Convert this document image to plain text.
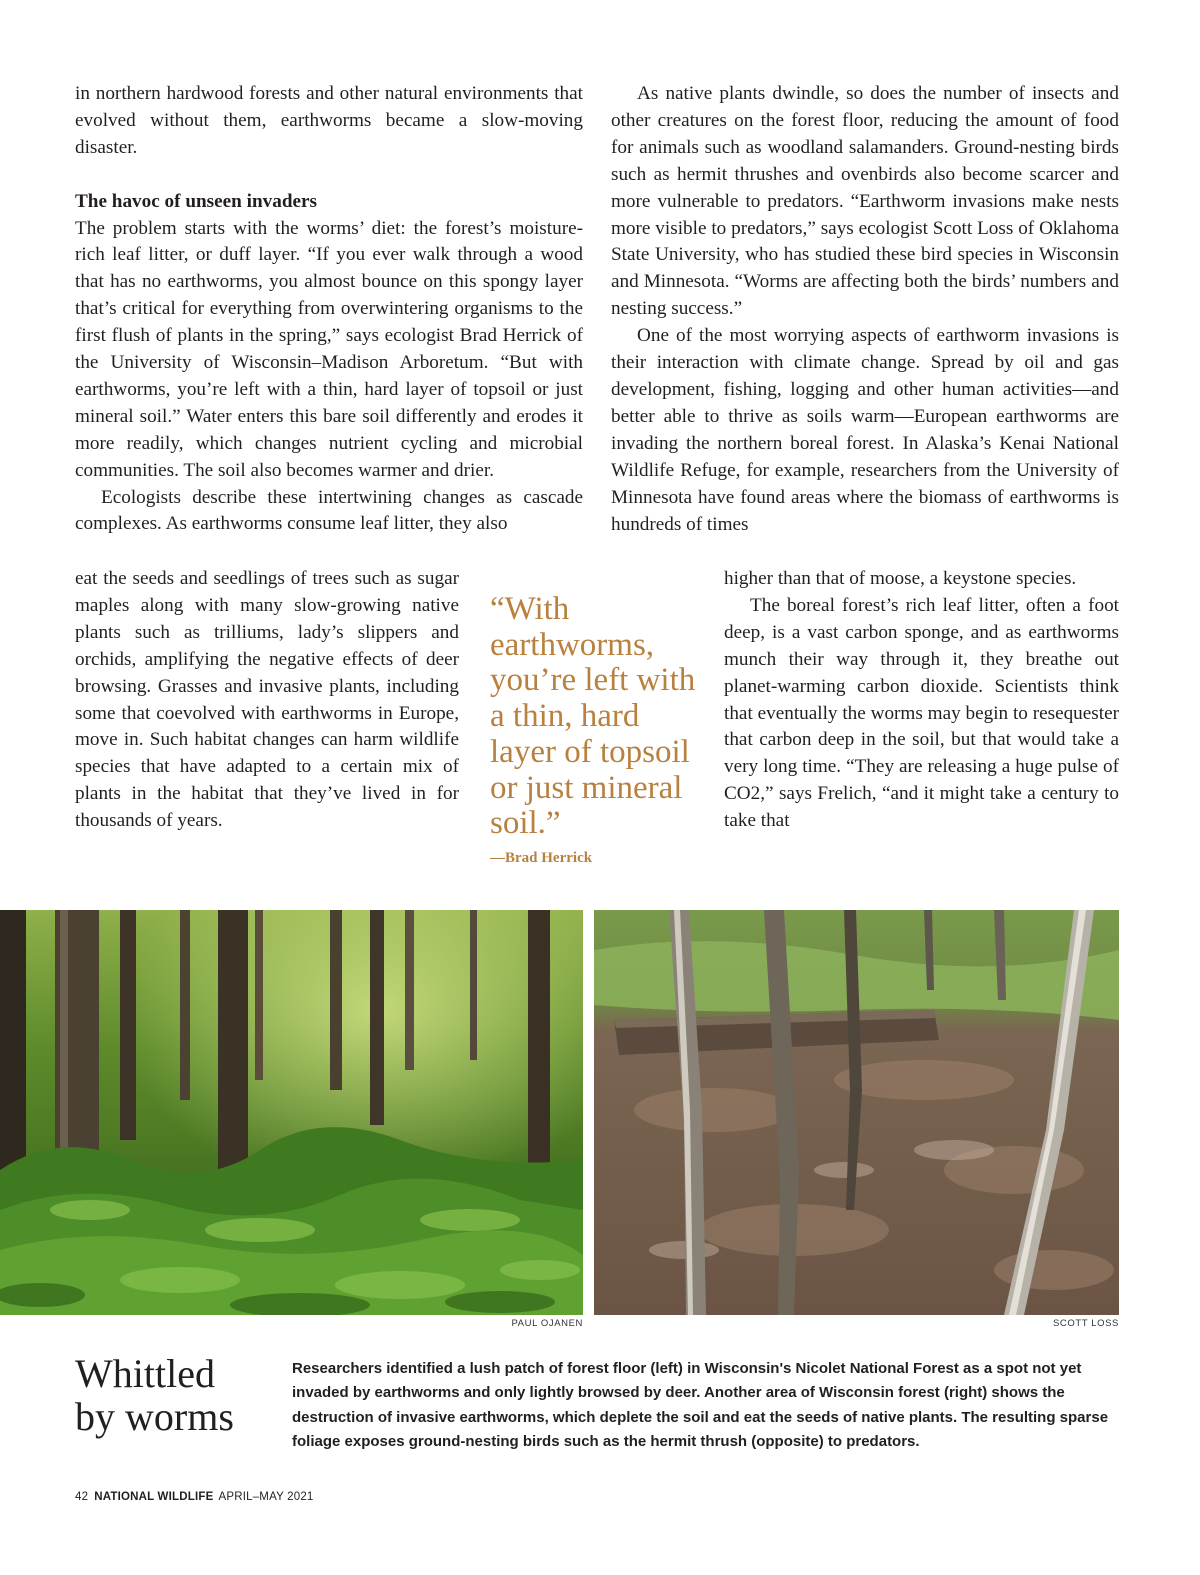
in northern hardwood forests and other natural environments that evolved without them, earthworms became a slow-moving disaster.

The havoc of unseen invaders

The problem starts with the worms’ diet: the forest’s moisture-rich leaf litter, or duff layer. “If you ever walk through a wood that has no earthworms, you almost bounce on this spongy layer that’s critical for everything from overwintering organisms to the first flush of plants in the spring,” says ecologist Brad Herrick of the University of Wisconsin–Madison Arboretum. “But with earthworms, you’re left with a thin, hard layer of topsoil or just mineral soil.” Water enters this bare soil differently and erodes it more readily, which changes nutrient cycling and microbial communities. The soil also becomes warmer and drier.

Ecologists describe these intertwining changes as cascade complexes. As earthworms consume leaf litter, they also

eat the seeds and seedlings of trees such as sugar maples along with many slow-growing native plants such as trilliums, lady’s slippers and orchids, amplifying the negative effects of deer browsing. Grasses and invasive plants, including some that coevolved with earthworms in Europe, move in. Such habitat changes can harm wildlife species that have adapted to a certain mix of plants in the habitat that they’ve lived in for thousands of years.

As native plants dwindle, so does the number of insects and other creatures on the forest floor, reducing the amount of food for animals such as woodland salamanders. Ground-nesting birds such as hermit thrushes and ovenbirds also become scarcer and more vulnerable to predators. “Earthworm invasions make nests more visible to predators,” says ecologist Scott Loss of Oklahoma State University, who has studied these bird species in Wisconsin and Minnesota. “Worms are affecting both the birds’ numbers and nesting success.”

One of the most worrying aspects of earthworm invasions is their interaction with climate change. Spread by oil and gas development, fishing, logging and other human activities—and better able to thrive as soils warm—European earthworms are invading the northern boreal forest. In Alaska’s Kenai National Wildlife Refuge, for example, researchers from the University of Minnesota have found areas where the biomass of earthworms is hundreds of times

higher than that of moose, a keystone species.

The boreal forest’s rich leaf litter, often a foot deep, is a vast carbon sponge, and as earthworms munch their way through it, they breathe out planet-warming carbon dioxide. Scientists think that eventually the worms may begin to resequester that carbon deep in the soil, but that would take a very long time. “They are releasing a huge pulse of CO2,” says Frelich, “and it might take a century to take that

“With earthworms, you’re left with a thin, hard layer of topsoil or just mineral soil.”
—Brad Herrick
PAUL OJANEN	SCOTT LOSS
Whittled
by worms
Researchers identified a lush patch of forest floor (left) in Wisconsin's Nicolet National Forest as a spot not yet invaded by earthworms and only lightly browsed by deer. Another area of Wisconsin forest (right) shows the destruction of invasive earthworms, which deplete the soil and eat the seeds of native plants. The resulting sparse foliage exposes ground-nesting birds such as the hermit thrush (opposite) to predators.
42 NATIONAL WILDLIFE APRIL–MAY 2021
